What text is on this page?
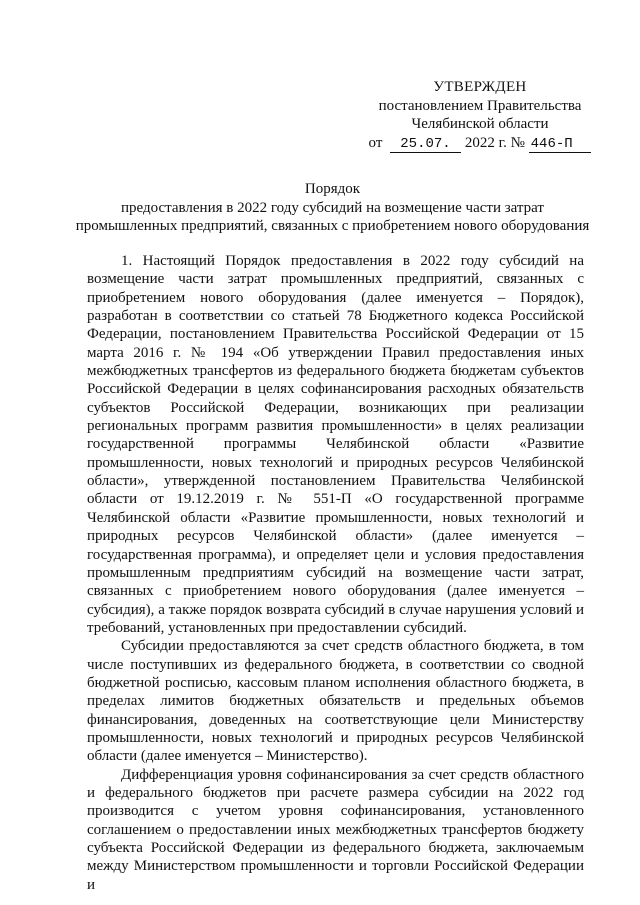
УТВЕРЖДЕН
постановлением Правительства
Челябинской области
от 25.07. 2022 г. № 446-П
Порядок
предоставления в 2022 году субсидий на возмещение части затрат
промышленных предприятий, связанных с приобретением нового оборудования

1. Настоящий Порядок предоставления в 2022 году субсидий на возмещение части затрат промышленных предприятий, связанных с приобретением нового оборудования (далее именуется – Порядок), разработан в соответствии со статьей 78 Бюджетного кодекса Российской Федерации, постановлением Правительства Российской Федерации от 15 марта 2016 г. № 194 «Об утверждении Правил предоставления иных межбюджетных трансфертов из федерального бюджета бюджетам субъектов Российской Федерации в целях софинансирования расходных обязательств субъектов Российской Федерации, возникающих при реализации региональных программ развития промышленности» в целях реализации государственной программы Челябинской области «Развитие промышленности, новых технологий и природных ресурсов Челябинской области», утвержденной постановлением Правительства Челябинской области от 19.12.2019 г. № 551-П «О государственной программе Челябинской области «Развитие промышленности, новых технологий и природных ресурсов Челябинской области» (далее именуется – государственная программа), и определяет цели и условия предоставления промышленным предприятиям субсидий на возмещение части затрат, связанных с приобретением нового оборудования (далее именуется – субсидия), а также порядок возврата субсидий в случае нарушения условий и требований, установленных при предоставлении субсидий.

Субсидии предоставляются за счет средств областного бюджета, в том числе поступивших из федерального бюджета, в соответствии со сводной бюджетной росписью, кассовым планом исполнения областного бюджета, в пределах лимитов бюджетных обязательств и предельных объемов финансирования, доведенных на соответствующие цели Министерству промышленности, новых технологий и природных ресурсов Челябинской области (далее именуется – Министерство).

Дифференциация уровня софинансирования за счет средств областного и федерального бюджетов при расчете размера субсидии на 2022 год производится с учетом уровня софинансирования, установленного соглашением о предоставлении иных межбюджетных трансфертов бюджету субъекта Российской Федерации из федерального бюджета, заключаемым между Министерством промышленности и торговли Российской Федерации и
